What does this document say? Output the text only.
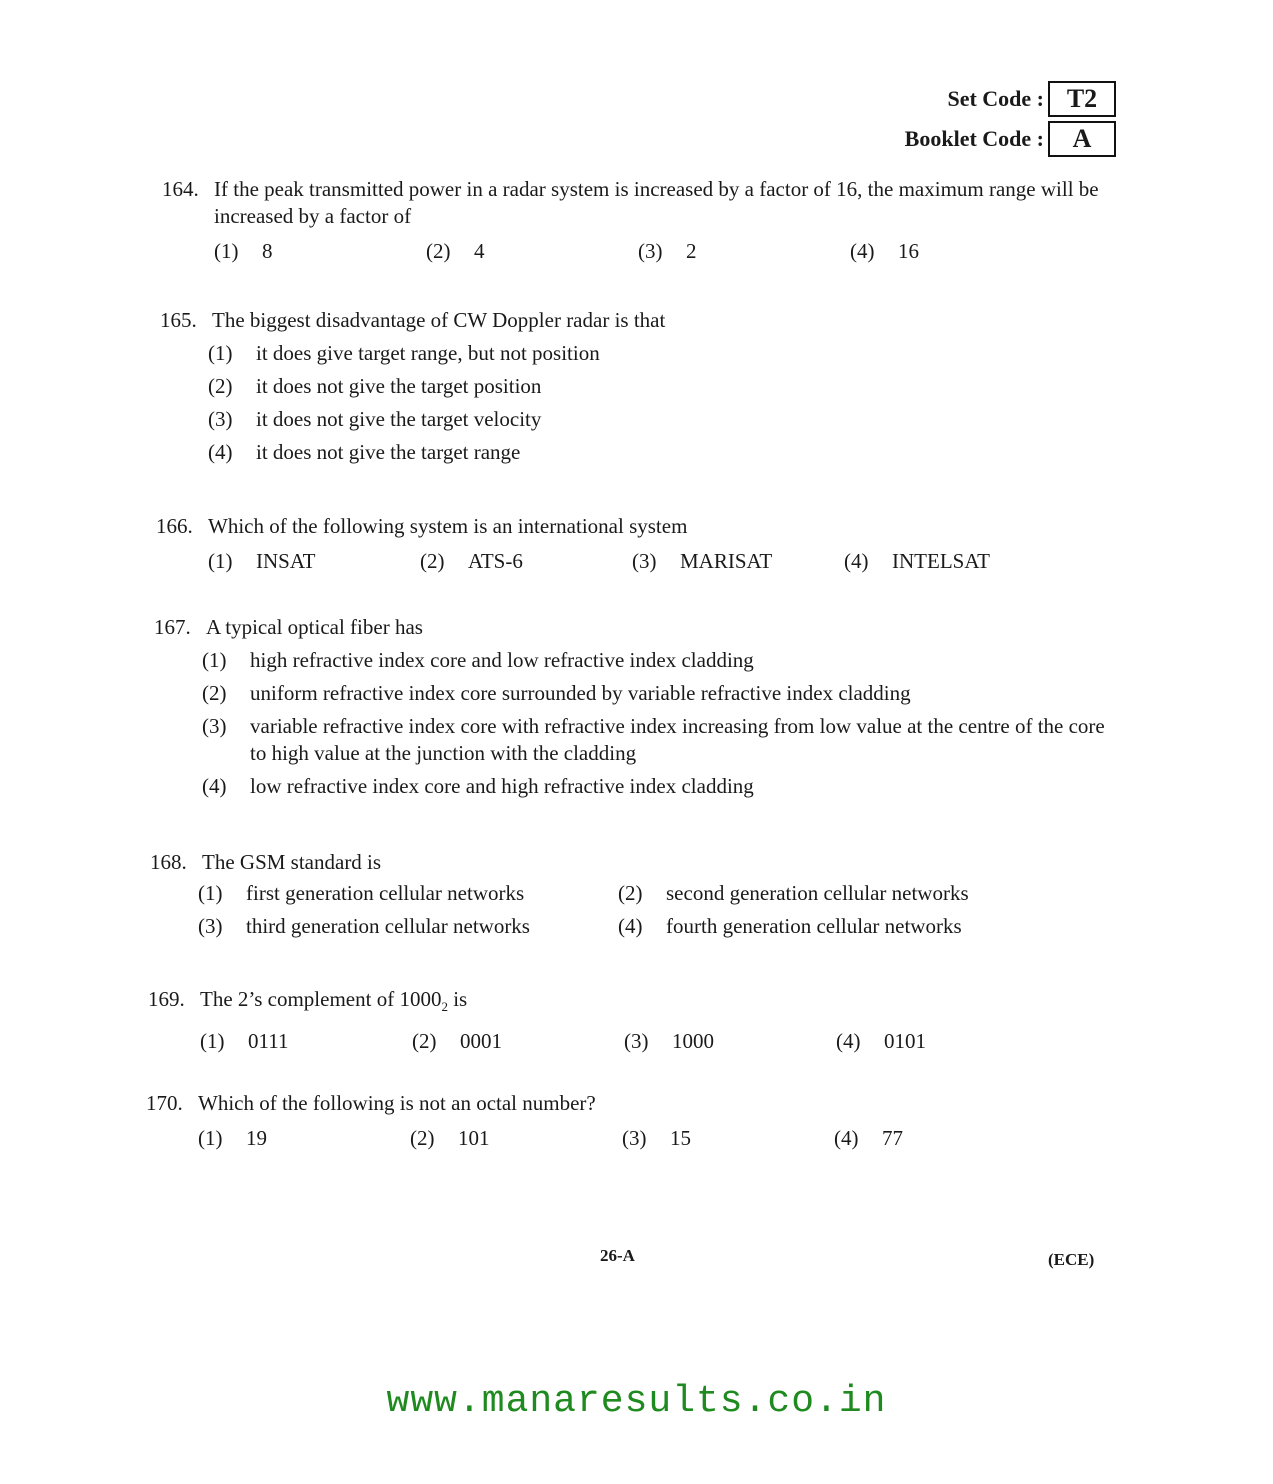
Set Code : T2
Booklet Code :	A
164. If the peak transmitted power in a radar system is increased by a factor of 16, the maximum range will be increased by a factor of
(1)	8	(2)	4	(3)	2	(4)	16
165. The biggest disadvantage of CW Doppler radar is that
(1)	it does give target range, but not position
(2)	it does not give the target position
(3)	it does not give the target velocity
(4)	it does not give the target range
166. Which of the following system is an international system
(1)	INSAT	(2)	ATS-6	(3)	MARISAT	(4)	INTELSAT
167. A typical optical fiber has
(1)	high refractive index core and low refractive index cladding
(2)	uniform refractive index core surrounded by variable refractive index cladding
(3)	variable refractive index core with refractive index increasing from low value at the centre of the core to high value at the junction with the cladding
(4)	low refractive index core and high refractive index cladding
168. The GSM standard is
(1)	first generation cellular networks	(2)	second generation cellular networks
(3)	third generation cellular networks	(4)	fourth generation cellular networks
169. The 2’s complement of $1000_2$ is
(1)	0111	(2)	0001	(3)	1000	(4)	0101
170. Which of the following is not an octal number?
(1)	19	(2)	101	(3)	15	(4)	77
26-A	(ECE)
www.manaresults.co.in
